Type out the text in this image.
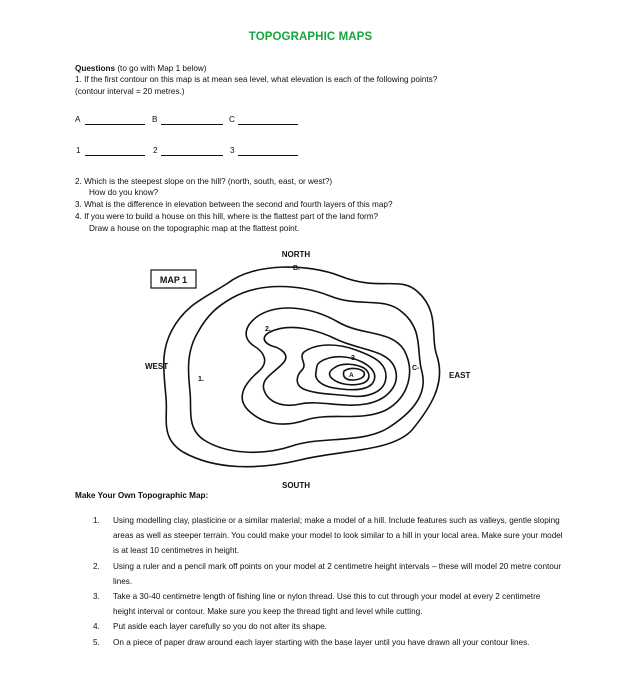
TOPOGRAPHIC MAPS
Questions (to go with Map 1 below)
1. If the first contour on this map is at mean sea level, what elevation is each of the following points?
(contour interval = 20 metres.)
A	B	C
1	2	3
2. Which is the steepest slope on the hill? (north, south, east, or west?)
How do you know?
3. What is the difference in elevation between the second and fourth layers of this map?
4. If you were to build a house on this hill, where is the flattest part of the land form?
Draw a house on the topographic map at the flattest point.
MAP 1
NORTH
SOUTH
EAST
WEST
B.
2.
3.
C-
A
1.
Make Your Own Topographic Map:
1. Using modelling clay, plasticine or a similar material; make a model of a hill. Include features such as valleys, gentle sloping areas as well as steeper terrain. You could make your model to look similar to a hill in your local area. Make sure your model is at least 10 centimetres in height.
2. Using a ruler and a pencil mark off points on your model at 2 centimetre height intervals – these will model 20 metre contour lines.
3. Take a 30-40 centimetre length of fishing line or nylon thread. Use this to cut through your model at every 2 centimetre height interval or contour. Make sure you keep the thread tight and level while cutting.
4. Put aside each layer carefully so you do not alter its shape.
5. On a piece of paper draw around each layer starting with the base layer until you have drawn all your contour lines.
